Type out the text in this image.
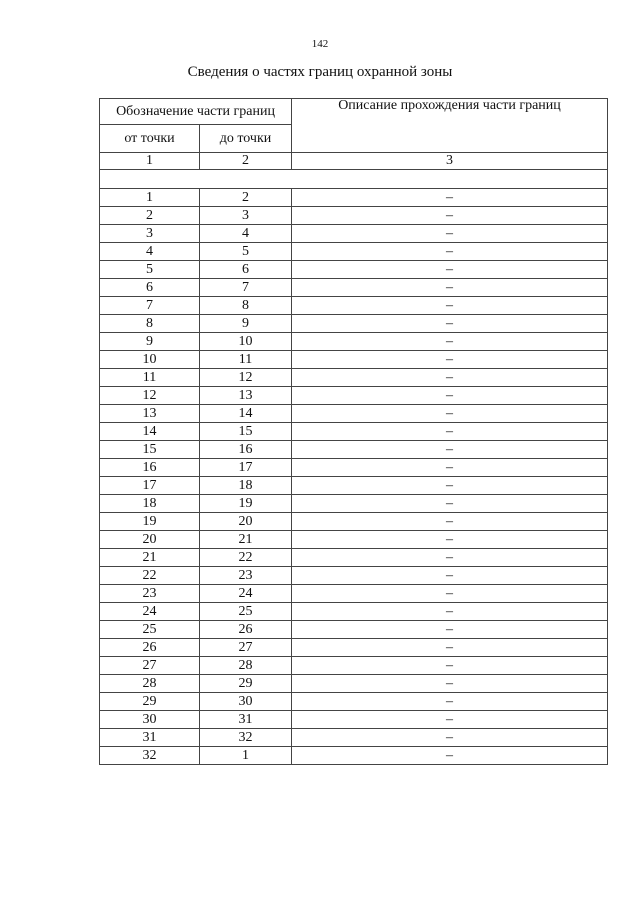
142
Сведения о частях границ охранной зоны
Обозначение части границ		Описание прохождения части границ
от точки	до точки	
1	2	3

1	2	–
2	3	–
3	4	–
4	5	–
5	6	–
6	7	–
7	8	–
8	9	–
9	10	–
10	11	–
11	12	–
12	13	–
13	14	–
14	15	–
15	16	–
16	17	–
17	18	–
18	19	–
19	20	–
20	21	–
21	22	–
22	23	–
23	24	–
24	25	–
25	26	–
26	27	–
27	28	–
28	29	–
29	30	–
30	31	–
31	32	–
32	1	–
